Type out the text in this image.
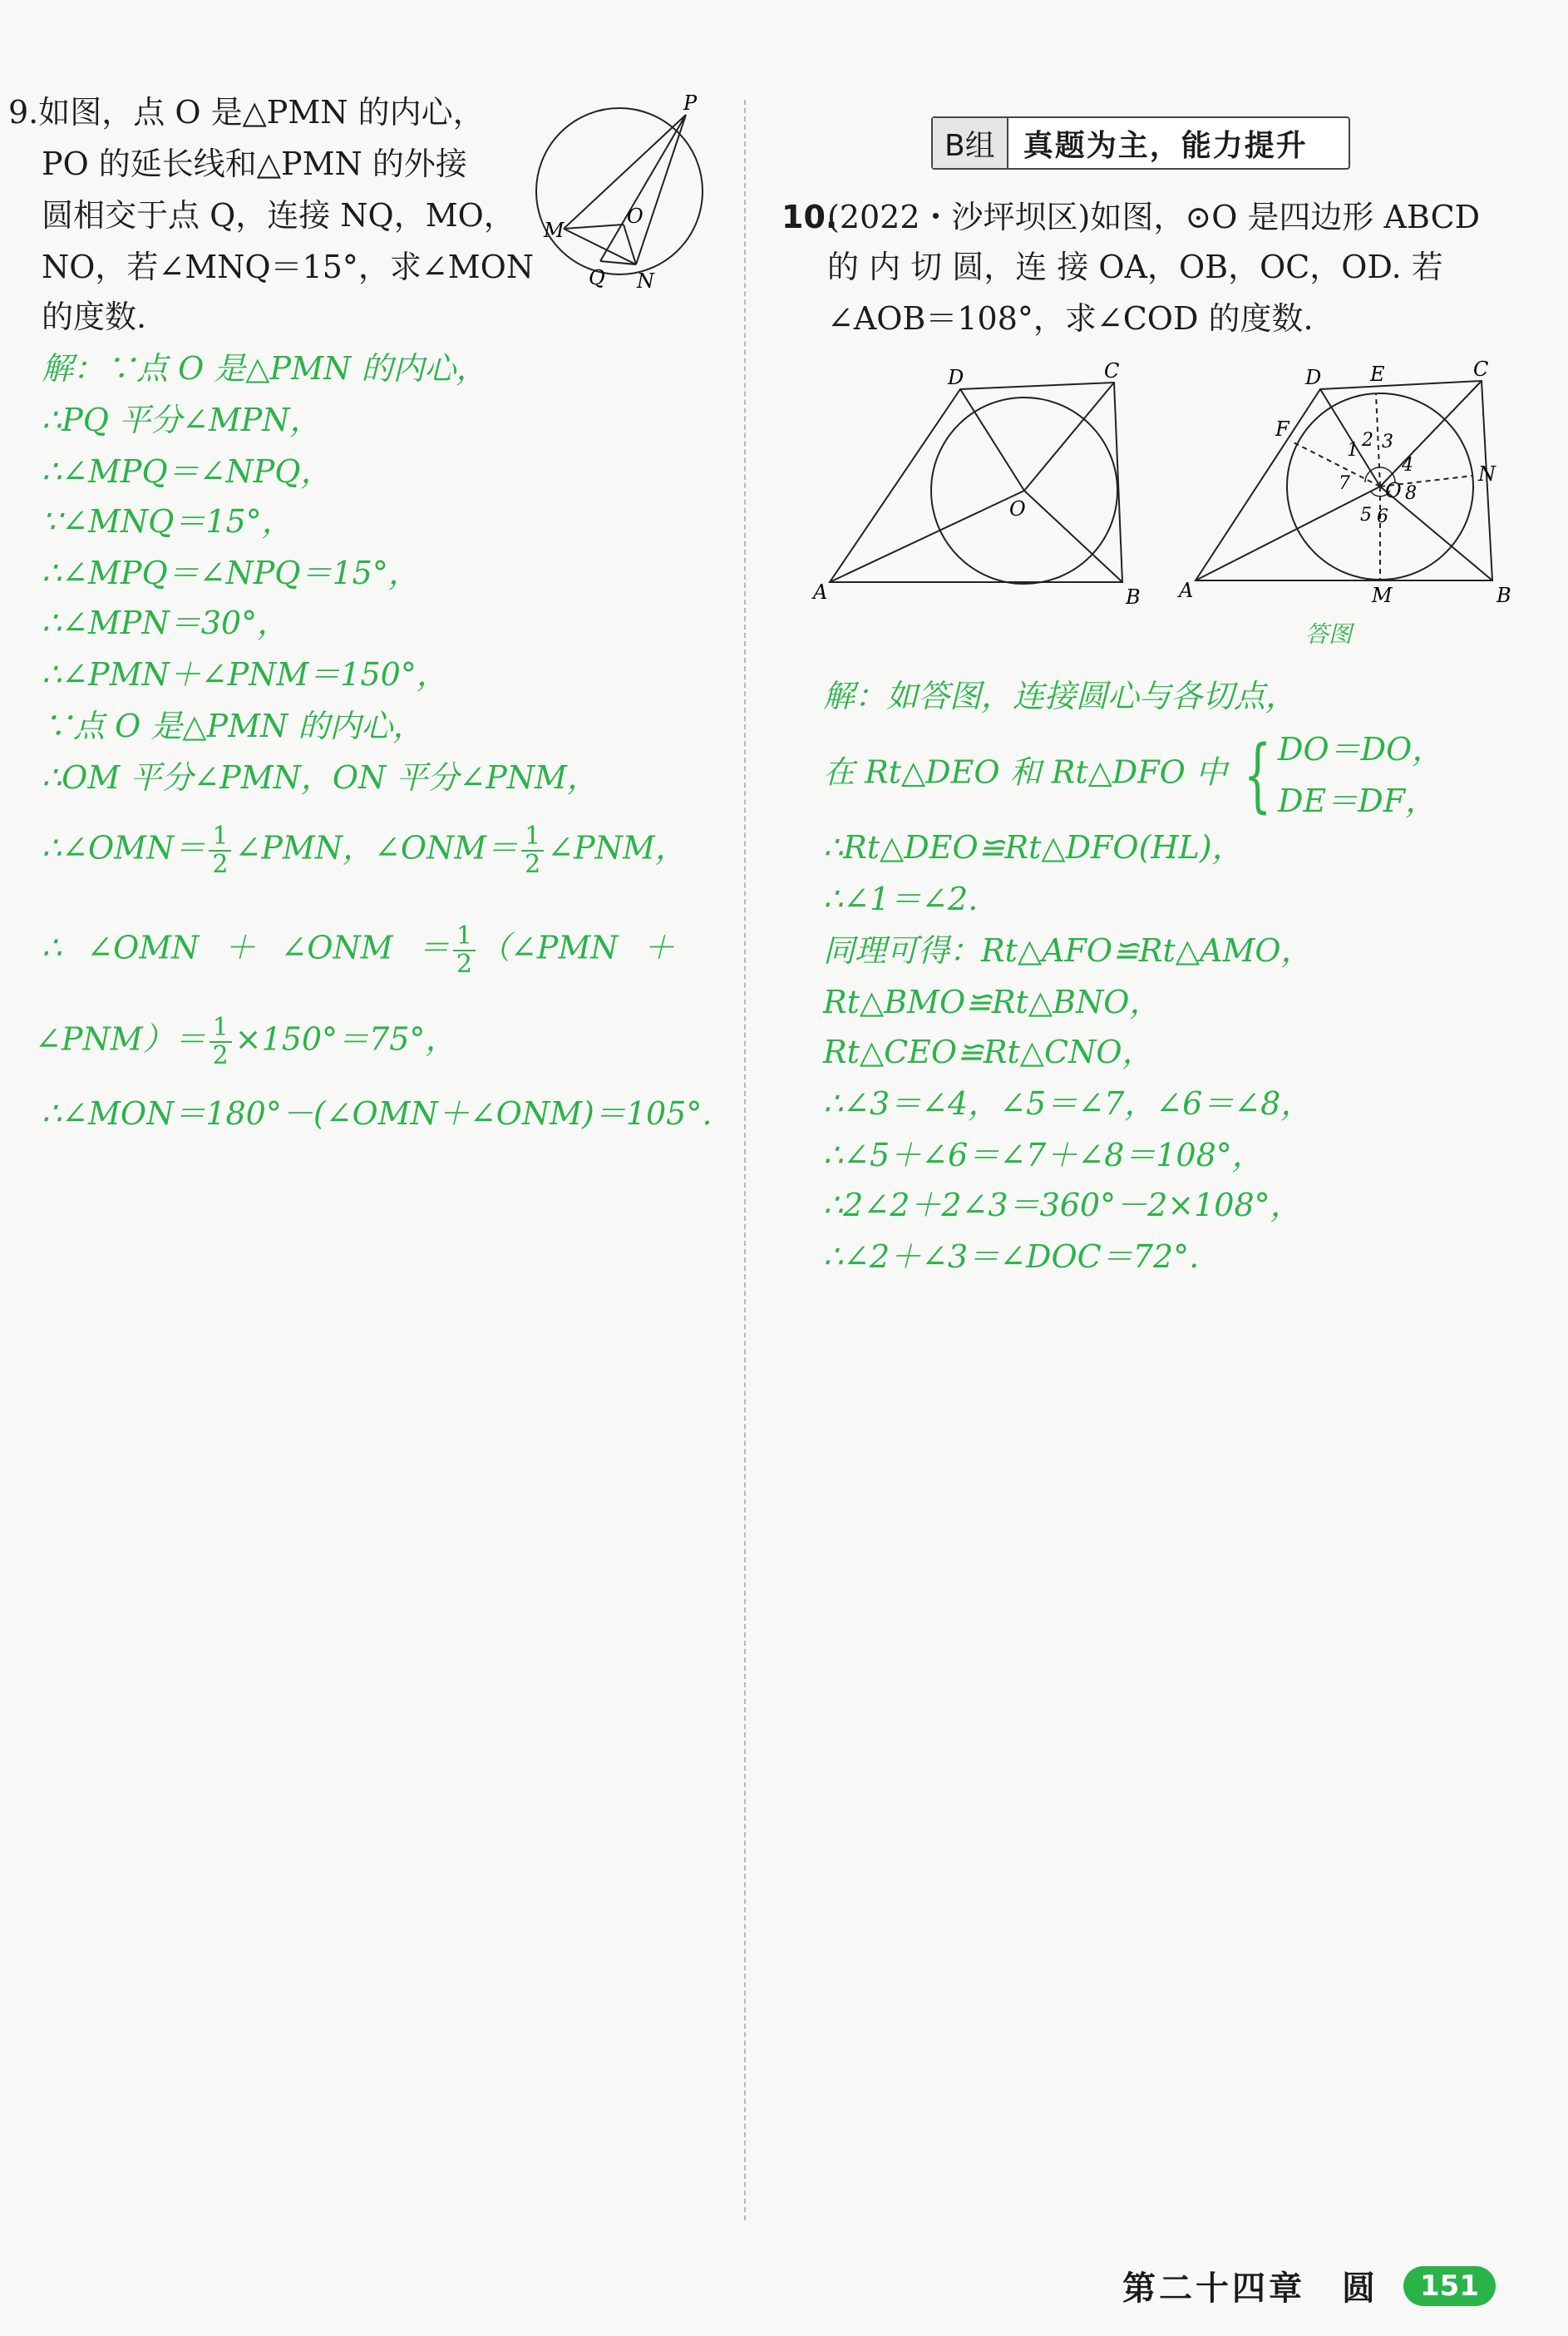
9.如图，点 O 是△PMN 的内心，
PO 的延长线和△PMN 的外接
圆相交于点 Q，连接 NQ，MO，
NO，若∠MNQ＝15°，求∠MON
的度数.
P
M
Q N
O
解：∵点 O 是△PMN 的内心，
∴PQ 平分∠MPN，
∴∠MPQ＝∠NPQ，
∵∠MNQ＝15°，
∴∠MPQ＝∠NPQ＝15°，
∴∠MPN＝30°，
∴∠PMN＋∠PNM＝150°，
∵点 O 是△PMN 的内心，
∴OM 平分∠PMN，ON 平分∠PNM，
∴∠OMN＝ $\frac{1}{2}$ ∠PMN，∠ONM＝ $\frac{1}{2}$ ∠PNM，
∴ ∠OMN ＋ ∠ONM ＝ $\frac{1}{2}$ （∠PMN ＋
∠PNM）＝ $\frac{1}{2} \times 150^\circ=75^\circ$，
∴∠MON＝180°－(∠OMN＋∠ONM)＝105°.
B组 真题为主，能力提升
10.
(2022・沙坪坝区)如图，⊙O 是四边形 ABCD
的 内 切 圆，连 接 OA，OB，OC，OD. 若
∠AOB＝108°，求∠COD 的度数.
A	B
C
D
O
A	B
C
D E
F
M
N
O
1 2 3
4
5 6
7	8
答图
解：如答图，连接圆心与各切点，
在 Rt△DEO 和 Rt△DFO 中 { DO＝DO，
DE＝DF，
∴Rt△DEO≌Rt△DFO(HL)，
∴∠1＝∠2.
同理可得：Rt△AFO≌Rt△AMO，
Rt△BMO≌Rt△BNO，
Rt△CEO≌Rt△CNO，
∴∠3＝∠4，∠5＝∠7，∠6＝∠8，
∴∠5＋∠6＝∠7＋∠8＝108°，
∴2∠2＋2∠3＝360°－2×108°，
∴∠2＋∠3＝∠DOC＝72°.
第二十四章　圆	151
